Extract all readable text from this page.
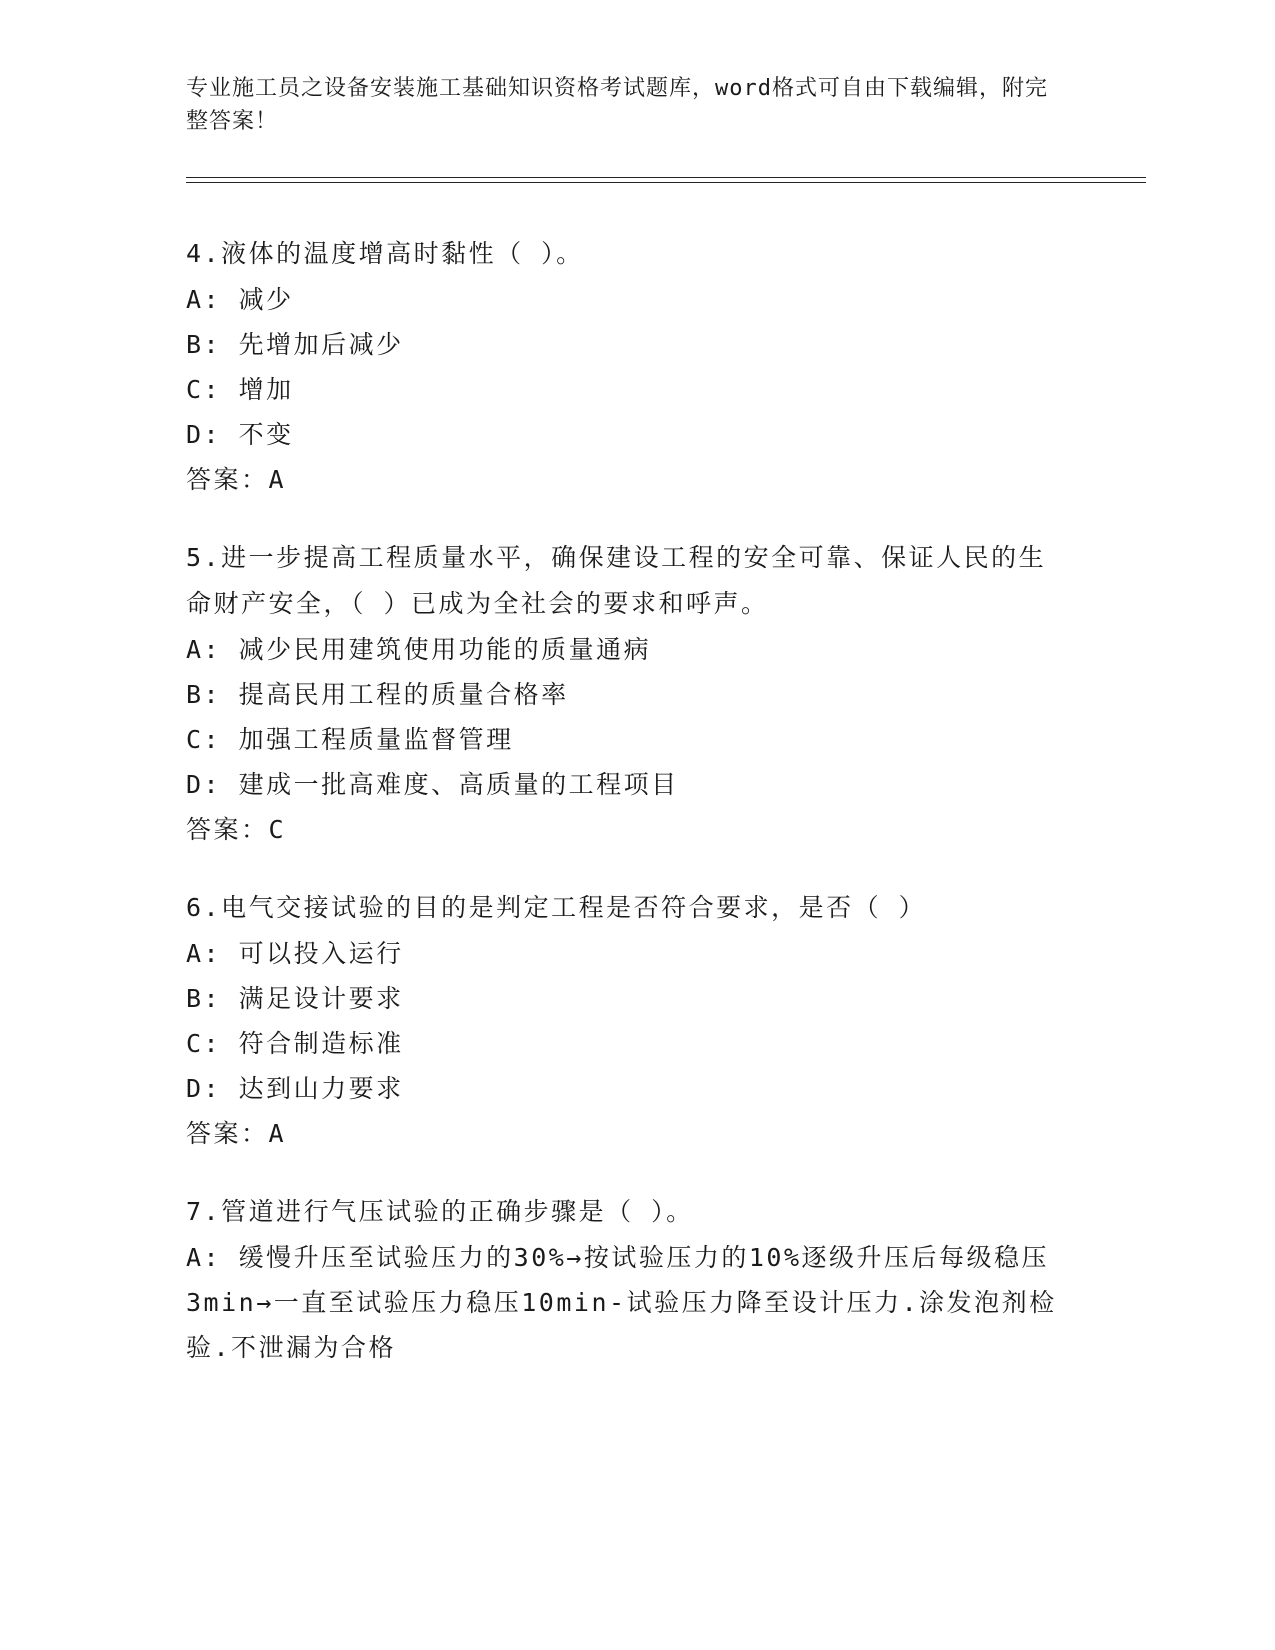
专业施工员之设备安装施工基础知识资格考试题库，word格式可自由下载编辑，附完整答案！

4.液体的温度增高时黏性（ ）。

A: 减少

B: 先增加后减少

C: 增加

D: 不变

答案：A

5.进一步提高工程质量水平，确保建设工程的安全可靠、保证人民的生命财产安全，（ ）已成为全社会的要求和呼声。

A: 减少民用建筑使用功能的质量通病

B: 提高民用工程的质量合格率

C: 加强工程质量监督管理

D: 建成一批高难度、高质量的工程项目

答案：C

6.电气交接试验的目的是判定工程是否符合要求，是否（ ）

A: 可以投入运行

B: 满足设计要求

C: 符合制造标准

D: 达到山力要求

答案：A

7.管道进行气压试验的正确步骤是（ ）。

A: 缓慢升压至试验压力的30%→按试验压力的10%逐级升压后每级稳压3min→一直至试验压力稳压10min-试验压力降至设计压力.涂发泡剂检验.不泄漏为合格
